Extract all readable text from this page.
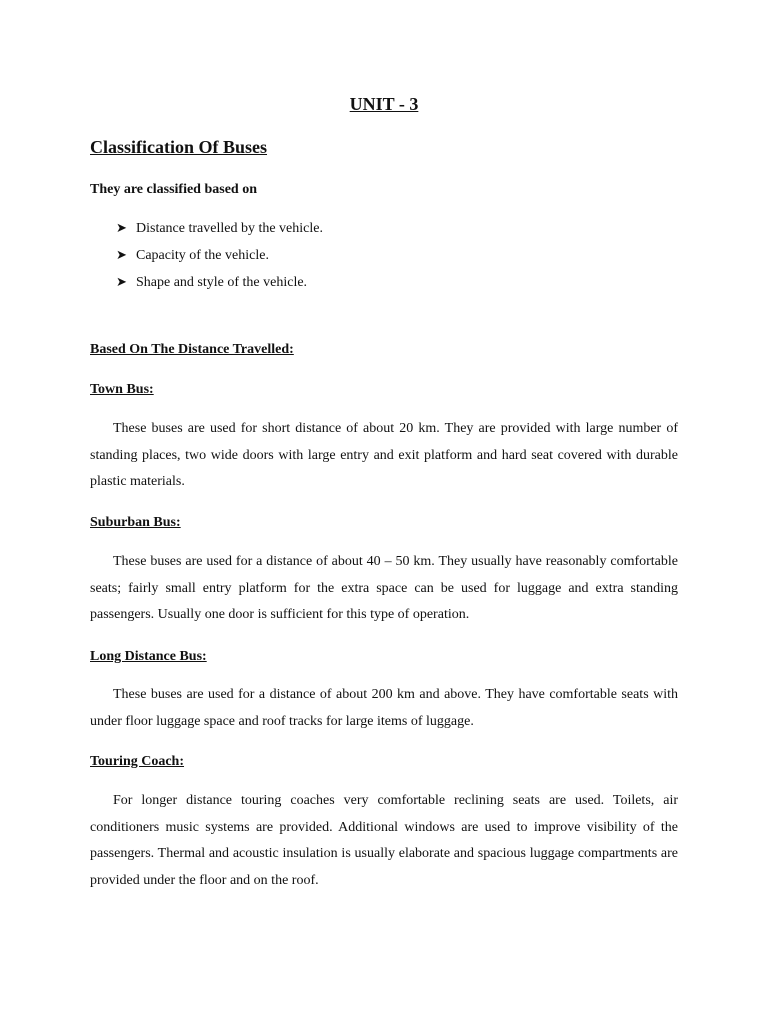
UNIT - 3
Classification Of Buses
They are classified based on
➤ Distance travelled by the vehicle.
➤ Capacity of the vehicle.
➤ Shape and style of the vehicle.
Based On The Distance Travelled:
Town Bus:

These buses are used for short distance of about 20 km. They are provided with large number of standing places, two wide doors with large entry and exit platform and hard seat covered with durable plastic materials.

Suburban Bus:

These buses are used for a distance of about 40 – 50 km. They usually have reasonably comfortable seats; fairly small entry platform for the extra space can be used for luggage and extra standing passengers. Usually one door is sufficient for this type of operation.

Long Distance Bus:

These buses are used for a distance of about 200 km and above. They have comfortable seats with under floor luggage space and roof tracks for large items of luggage.

Touring Coach:

For longer distance touring coaches very comfortable reclining seats are used. Toilets, air conditioners music systems are provided. Additional windows are used to improve visibility of the passengers. Thermal and acoustic insulation is usually elaborate and spacious luggage compartments are provided under the floor and on the roof.
